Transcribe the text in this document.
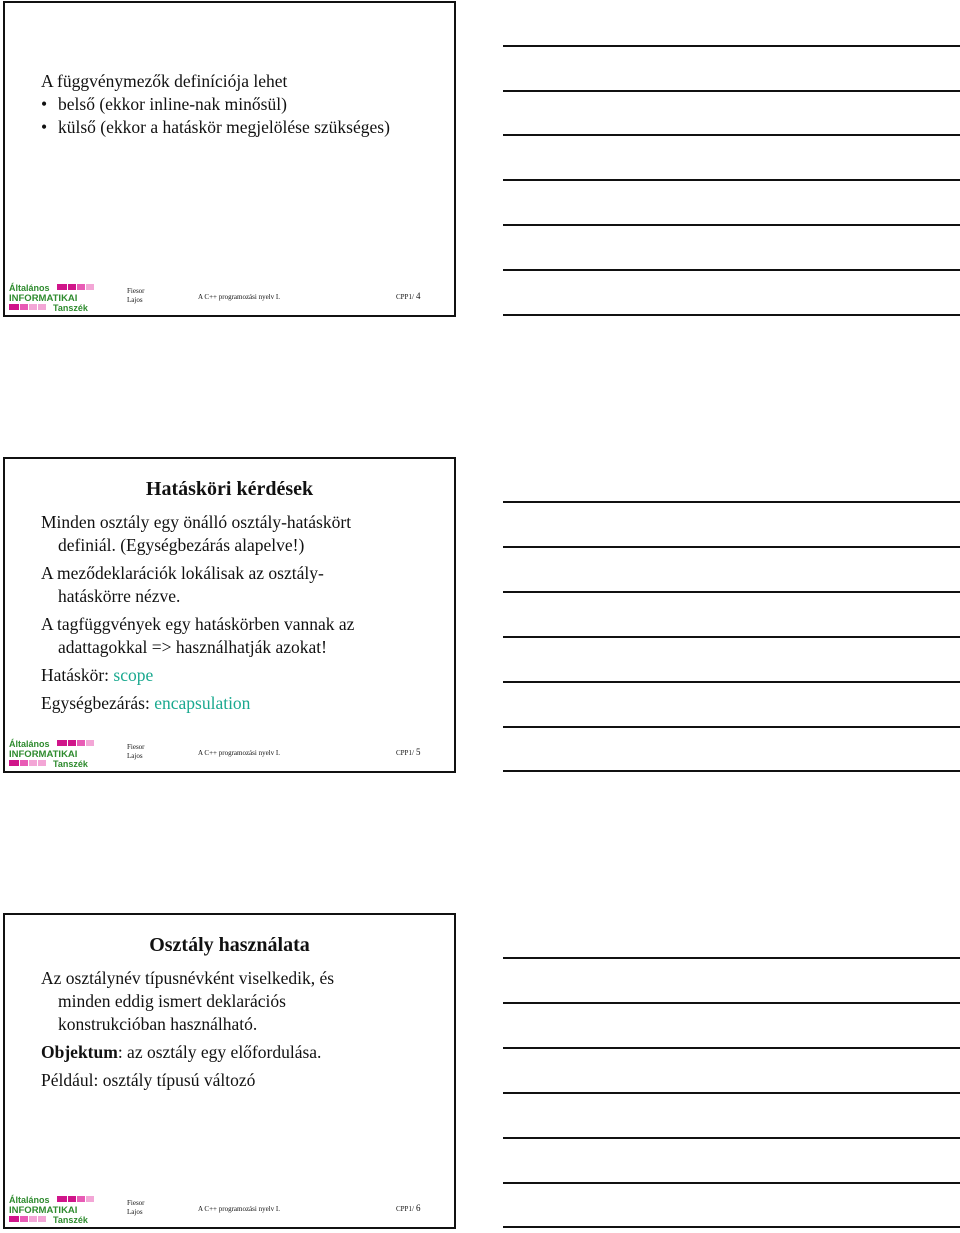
A függvénymezők definíciója lehet
• belső (ekkor inline-nak minősül)
• külső (ekkor a hatáskör megjelölése szükséges)
Általános
INFORMATIKAI
Tanszék
Fiesor
Lajos	A C++ programozási nyelv I.	CPP1/ 4
Hatásköri kérdések
Minden osztály egy önálló osztály-hatáskört
definiál. (Egységbezárás alapelve!)
A meződeklarációk lokálisak az osztály-
hatáskörre nézve.
A tagfüggvények egy hatáskörben vannak az
adattagokkal => használhatják azokat!
Hatáskör: scope
Egységbezárás: encapsulation
Általános
INFORMATIKAI
Tanszék
Fiesor
Lajos	A C++ programozási nyelv I.	CPP1/ 5
Osztály használata
Az osztálynév típusnévként viselkedik, és
minden eddig ismert deklarációs
konstrukcióban használható.
Objektum: az osztály egy előfordulása.
Például: osztály típusú változó
Általános
INFORMATIKAI
Tanszék
Fiesor
Lajos	A C++ programozási nyelv I.	CPP1/ 6
